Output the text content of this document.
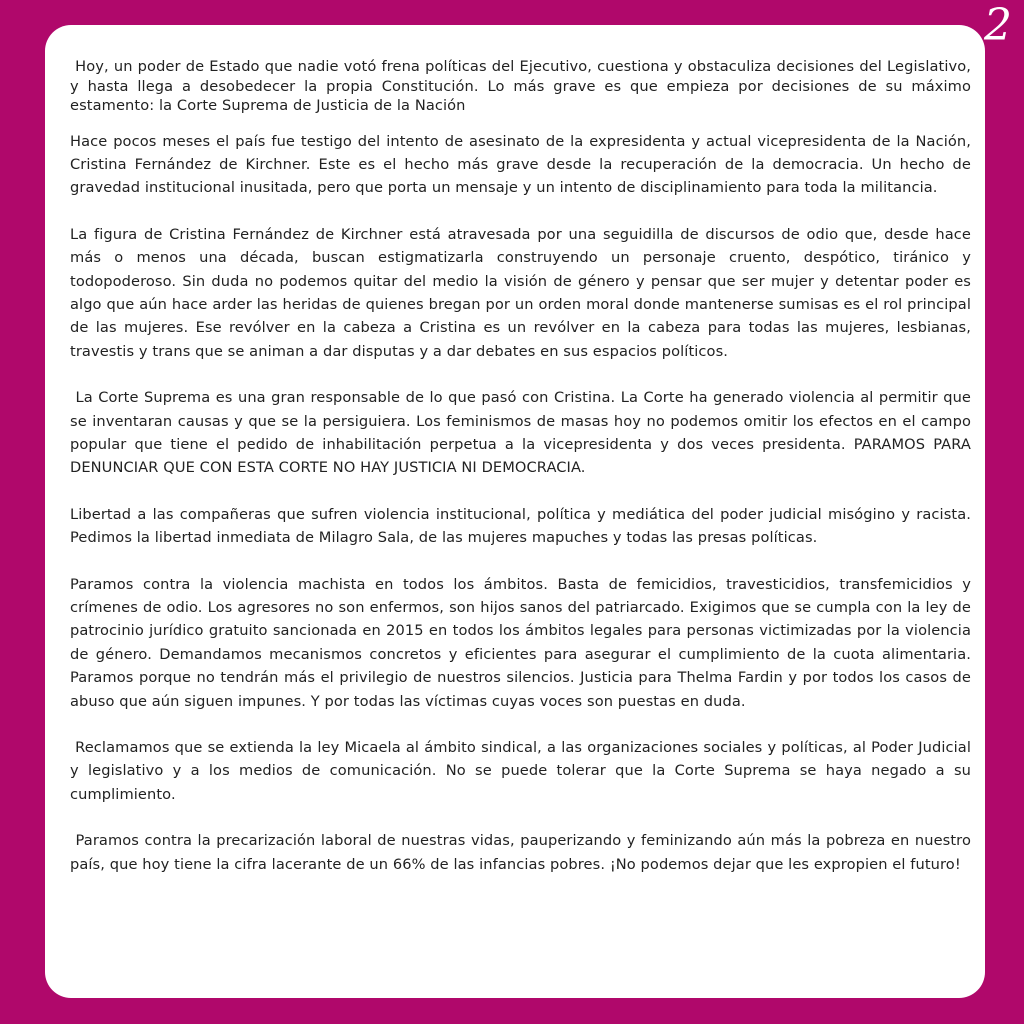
2

Hoy, un poder de Estado que nadie votó frena políticas del Ejecutivo, cuestiona y obstaculiza decisiones del Legislativo, y hasta llega a desobedecer la propia Constitución. Lo más grave es que empieza por decisiones de su máximo estamento: la Corte Suprema de Justicia de la Nación

Hace pocos meses el país fue testigo del intento de asesinato de la expresidenta y actual vicepresidenta de la Nación, Cristina Fernández de Kirchner. Este es el hecho más grave desde la recuperación de la democracia. Un hecho de gravedad institucional inusitada, pero que porta un mensaje y un intento de disciplinamiento para toda la militancia.

La figura de Cristina Fernández de Kirchner está atravesada por una seguidilla de discursos de odio que, desde hace más o menos una década, buscan estigmatizarla construyendo un personaje cruento, despótico, tiránico y todopoderoso. Sin duda no podemos quitar del medio la visión de género y pensar que ser mujer y detentar poder es algo que aún hace arder las heridas de quienes bregan por un orden moral donde mantenerse sumisas es el rol principal de las mujeres. Ese revólver en la cabeza a Cristina es un revólver en la cabeza para todas las mujeres, lesbianas, travestis y trans que se animan a dar disputas y a dar debates en sus espacios políticos.

La Corte Suprema es una gran responsable de lo que pasó con Cristina. La Corte ha generado violencia al permitir que se inventaran causas y que se la persiguiera. Los feminismos de masas hoy no podemos omitir los efectos en el campo popular que tiene el pedido de inhabilitación perpetua a la vicepresidenta y dos veces presidenta. PARAMOS PARA DENUNCIAR QUE CON ESTA CORTE NO HAY JUSTICIA NI DEMOCRACIA.

Libertad a las compañeras que sufren violencia institucional, política y mediática del poder judicial misógino y racista. Pedimos la libertad inmediata de Milagro Sala, de las mujeres mapuches y todas las presas políticas.

Paramos contra la violencia machista en todos los ámbitos. Basta de femicidios, travesticidios, transfemicidios y crímenes de odio. Los agresores no son enfermos, son hijos sanos del patriarcado. Exigimos que se cumpla con la ley de patrocinio jurídico gratuito sancionada en 2015 en todos los ámbitos legales para personas victimizadas por la violencia de género. Demandamos mecanismos concretos y eficientes para asegurar el cumplimiento de la cuota alimentaria. Paramos porque no tendrán más el privilegio de nuestros silencios. Justicia para Thelma Fardin y por todos los casos de abuso que aún siguen impunes. Y por todas las víctimas cuyas voces son puestas en duda.

Reclamamos que se extienda la ley Micaela al ámbito sindical, a las organizaciones sociales y políticas, al Poder Judicial y legislativo y a los medios de comunicación. No se puede tolerar que la Corte Suprema se haya negado a su cumplimiento.

Paramos contra la precarización laboral de nuestras vidas, pauperizando y feminizando aún más la pobreza en nuestro país, que hoy tiene la cifra lacerante de un 66% de las infancias pobres. ¡No podemos dejar que les expropien el futuro!
